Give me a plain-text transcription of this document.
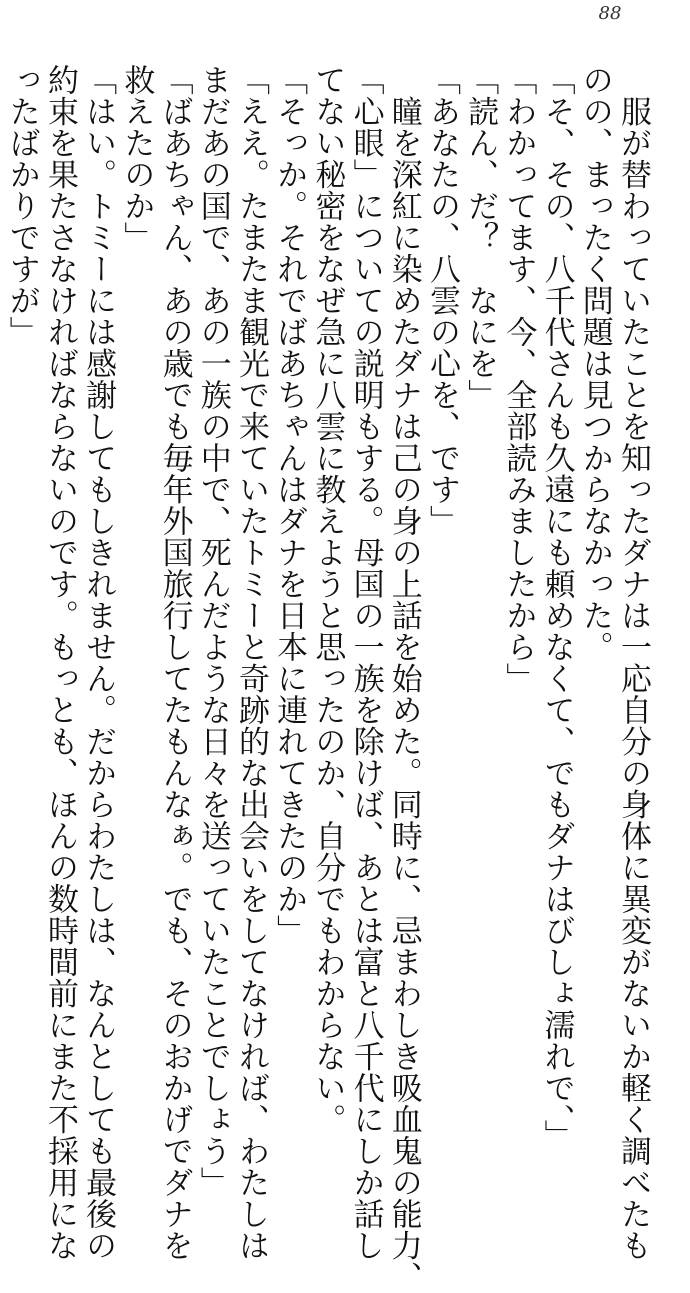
88

　服が替わっていたことを知ったダナは一応自分の身体に異変がないか軽く調べたも

のの、まったく問題は見つからなかった。

「そ、その、八千代さんも久遠にも頼めなくて、でもダナはびしょ濡れで、」

「わかってます、今、全部読みましたから」

「読ん、だ？　なにを」

「あなたの、八雲の心を、です」

　瞳を深紅に染めたダナは己の身の上話を始めた。同時に、忌まわしき吸血鬼の能力、

「心眼」についての説明もする。母国の一族を除けば、あとは富と八千代にしか話し

てない秘密をなぜ急に八雲に教えようと思ったのか、自分でもわからない。

「そっか。それでばあちゃんはダナを日本に連れてきたのか」

「ええ。たまたま観光で来ていたトミーと奇跡的な出会いをしてなければ、わたしは

まだあの国で、あの一族の中で、死んだような日々を送っていたことでしょう」

「ばあちゃん、あの歳でも毎年外国旅行してたもんなぁ。でも、そのおかげでダナを

救えたのか」

「はい。トミーには感謝してもしきれません。だからわたしは、なんとしても最後の

約束を果たさなければならないのです。もっとも、ほんの数時間前にまた不採用にな

ったばかりですが」
